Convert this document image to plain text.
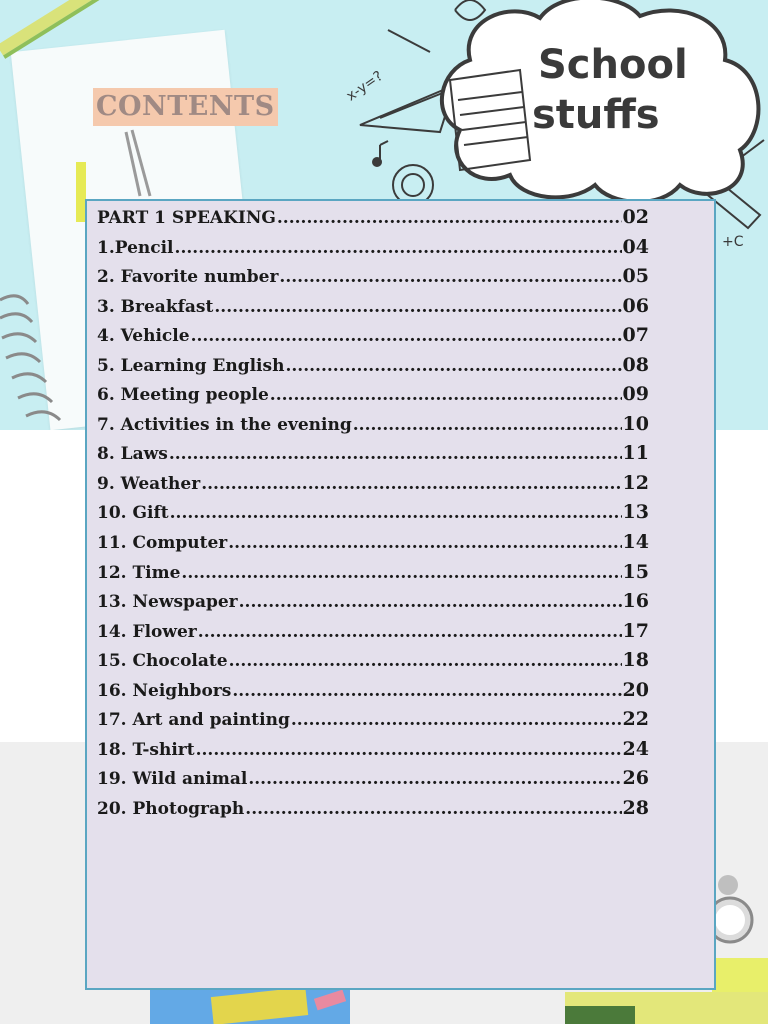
School
stuffs
x-y=?
+C
CONTENTS
PART 1 SPEAKING .....	02
1.Pencil .....	04
2. Favorite number .....	05
3. Breakfast .....	06
4. Vehicle .....	07
5. Learning English .....	08
6. Meeting people .....	09
7. Activities in the evening .....	10
8. Laws .....	11
9. Weather .....	12
10. Gift .....	13
11. Computer .....	14
12. Time .....	15
13. Newspaper .....	16
14. Flower .....	17
15. Chocolate .....	18
16. Neighbors .....	20
17. Art and painting .....	22
18. T-shirt .....	24
19. Wild animal .....	26
20. Photograph .....	28
